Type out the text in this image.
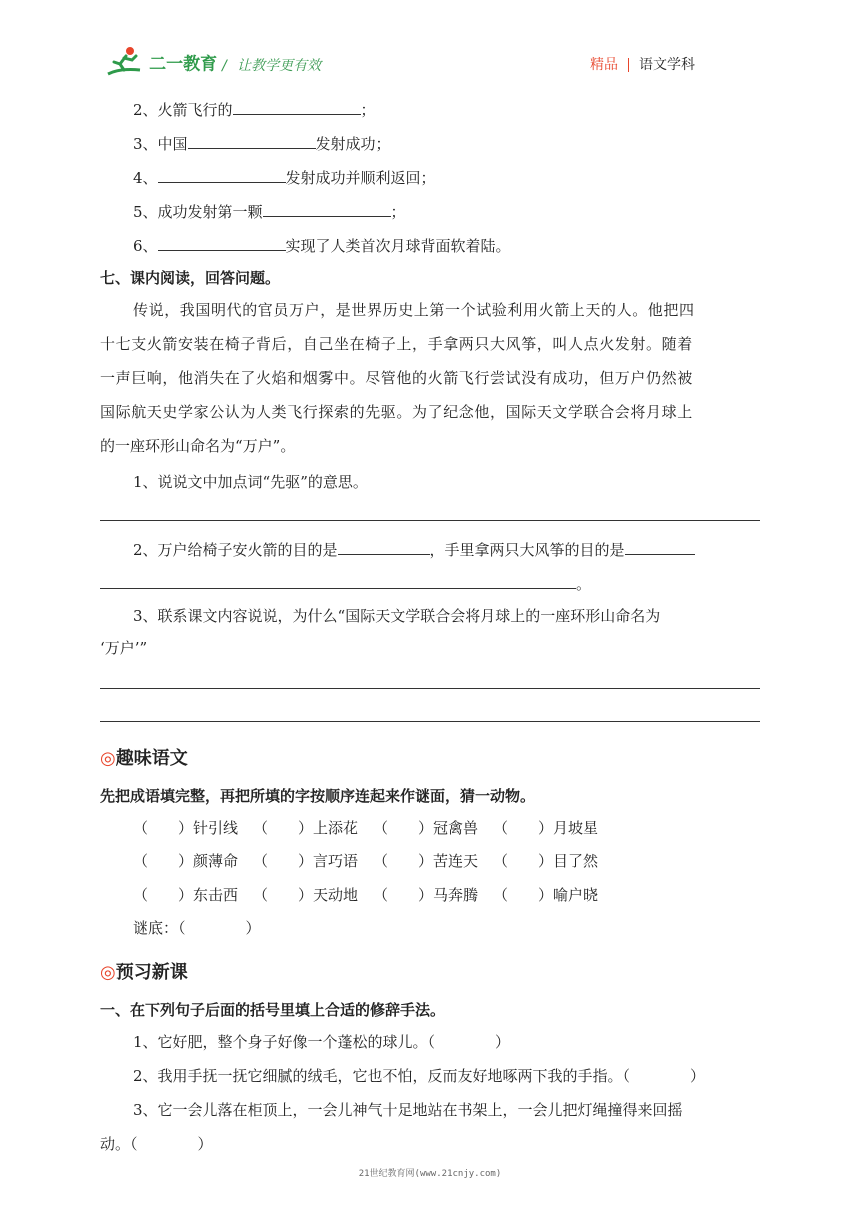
二一教育 / 让教学更有效	精品 语文学科
2、火箭飞行的	；
3、中国	发射成功；
4、	发射成功并顺利返回；
5、成功发射第一颗	；
6、	实现了人类首次月球背面软着陆。
七、课内阅读，回答问题。
传说，我国明代的官员万户，是世界历史上第一个试验利用火箭上天的人。他把四
十七支火箭安装在椅子背后，自己坐在椅子上，手拿两只大风筝，叫人点火发射。随着
一声巨响，他消失在了火焰和烟雾中。尽管他的火箭飞行尝试没有成功，但万户仍然被
国际航天史学家公认为人类飞行探索的先驱。为了纪念他，国际天文学联合会将月球上
的一座环形山命名为“万户”。
1、说说文中加点词“先驱”的意思。
2、万户给椅子安火箭的目的是	，手里拿两只大风筝的目的是
。
3、联系课文内容说说，为什么“国际天文学联合会将月球上的一座环形山命名为
‘万户’”
◎趣味语文
先把成语填完整，再把所填的字按顺序连起来作谜面，猜一动物。
（　　）针引线 （　　）上添花 （　　）冠禽兽 （　　）月坡星
（　　）颜薄命 （　　）言巧语 （　　）苦连天 （　　）目了然
（　　）东击西 （　　）天动地 （　　）马奔腾 （　　）喻户晓
谜底：（　　　　）
◎预习新课
一、在下列句子后面的括号里填上合适的修辞手法。
1、它好肥，整个身子好像一个蓬松的球儿。（　　　　）
2、我用手抚一抚它细腻的绒毛，它也不怕，反而友好地啄两下我的手指。（　　　　）
3、它一会儿落在柜顶上，一会儿神气十足地站在书架上，一会儿把灯绳撞得来回摇
动。（　　　　）
21世纪教育网(www.21cnjy.com)
